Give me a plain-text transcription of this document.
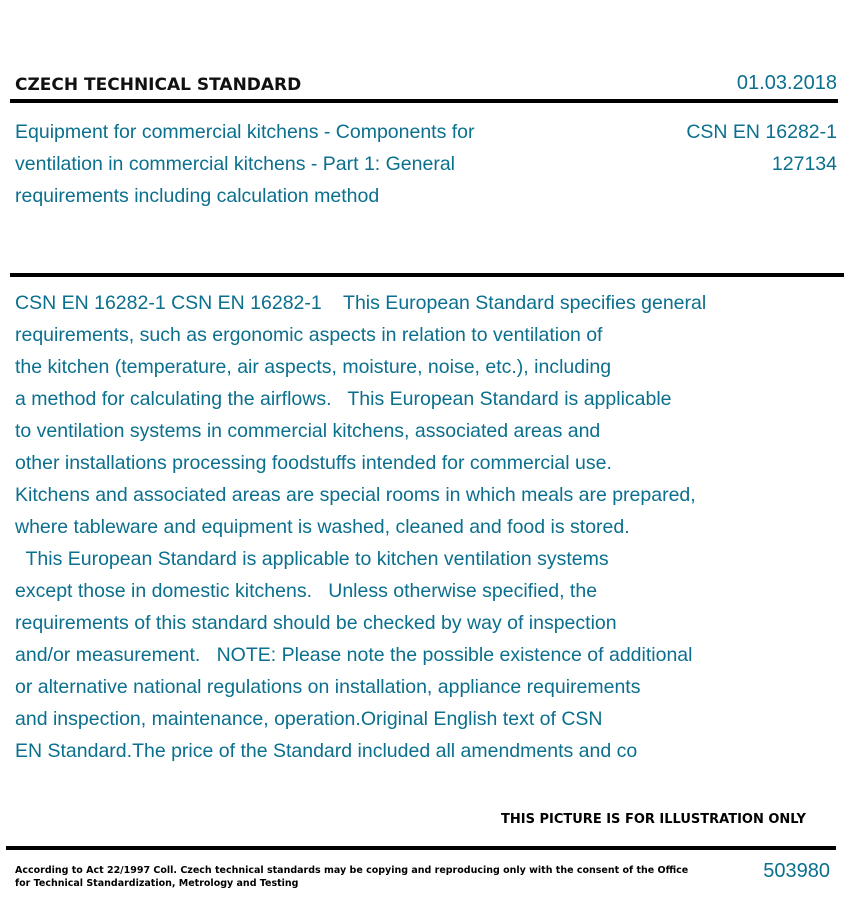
CZECH TECHNICAL STANDARD	01.03.2018
Equipment for commercial kitchens - Components for
ventilation in commercial kitchens - Part 1: General
requirements including calculation method
CSN EN 16282-1
127134
CSN EN 16282-1 CSN EN 16282-1    This European Standard specifies general
requirements, such as ergonomic aspects in relation to ventilation of
the kitchen (temperature, air aspects, moisture, noise, etc.), including
a method for calculating the airflows.   This European Standard is applicable
to ventilation systems in commercial kitchens, associated areas and
other installations processing foodstuffs intended for commercial use.
Kitchens and associated areas are special rooms in which meals are prepared,
where tableware and equipment is washed, cleaned and food is stored.
This European Standard is applicable to kitchen ventilation systems
except those in domestic kitchens.   Unless otherwise specified, the
requirements of this standard should be checked by way of inspection
and/or measurement.   NOTE: Please note the possible existence of additional
or alternative national regulations on installation, appliance requirements
and inspection, maintenance, operation.Original English text of CSN
EN Standard.The price of the Standard included all amendments and co
THIS PICTURE IS FOR ILLUSTRATION ONLY
According to Act 22/1997 Coll. Czech technical standards may be copying and reproducing only with the consent of the Office
for Technical Standardization, Metrology and Testing
503980
